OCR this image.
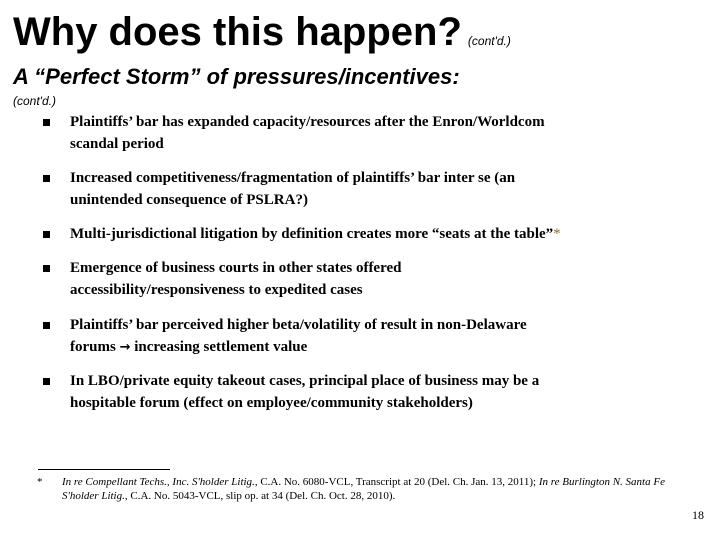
Why does this happen? (cont'd.)
A “Perfect Storm” of pressures/incentives:
(cont'd.)
Plaintiffs’ bar has expanded capacity/resources after the Enron/Worldcom
scandal period
Increased competitiveness/fragmentation of plaintiffs’ bar inter se (an
unintended consequence of PSLRA?)
Multi-jurisdictional litigation by definition creates more “seats at the table”*
Emergence of business courts in other states offered
accessibility/responsiveness to expedited cases
Plaintiffs’ bar perceived higher beta/volatility of result in non-Delaware
forums → increasing settlement value
In LBO/private equity takeout cases, principal place of business may be a
hospitable forum (effect on employee/community stakeholders)
* In re Compellant Techs., Inc. S'holder Litig., C.A. No. 6080-VCL, Transcript at 20 (Del. Ch. Jan. 13, 2011); In re Burlington N. Santa Fe S'holder Litig., C.A. No. 5043-VCL, slip op. at 34 (Del. Ch. Oct. 28, 2010).
18
